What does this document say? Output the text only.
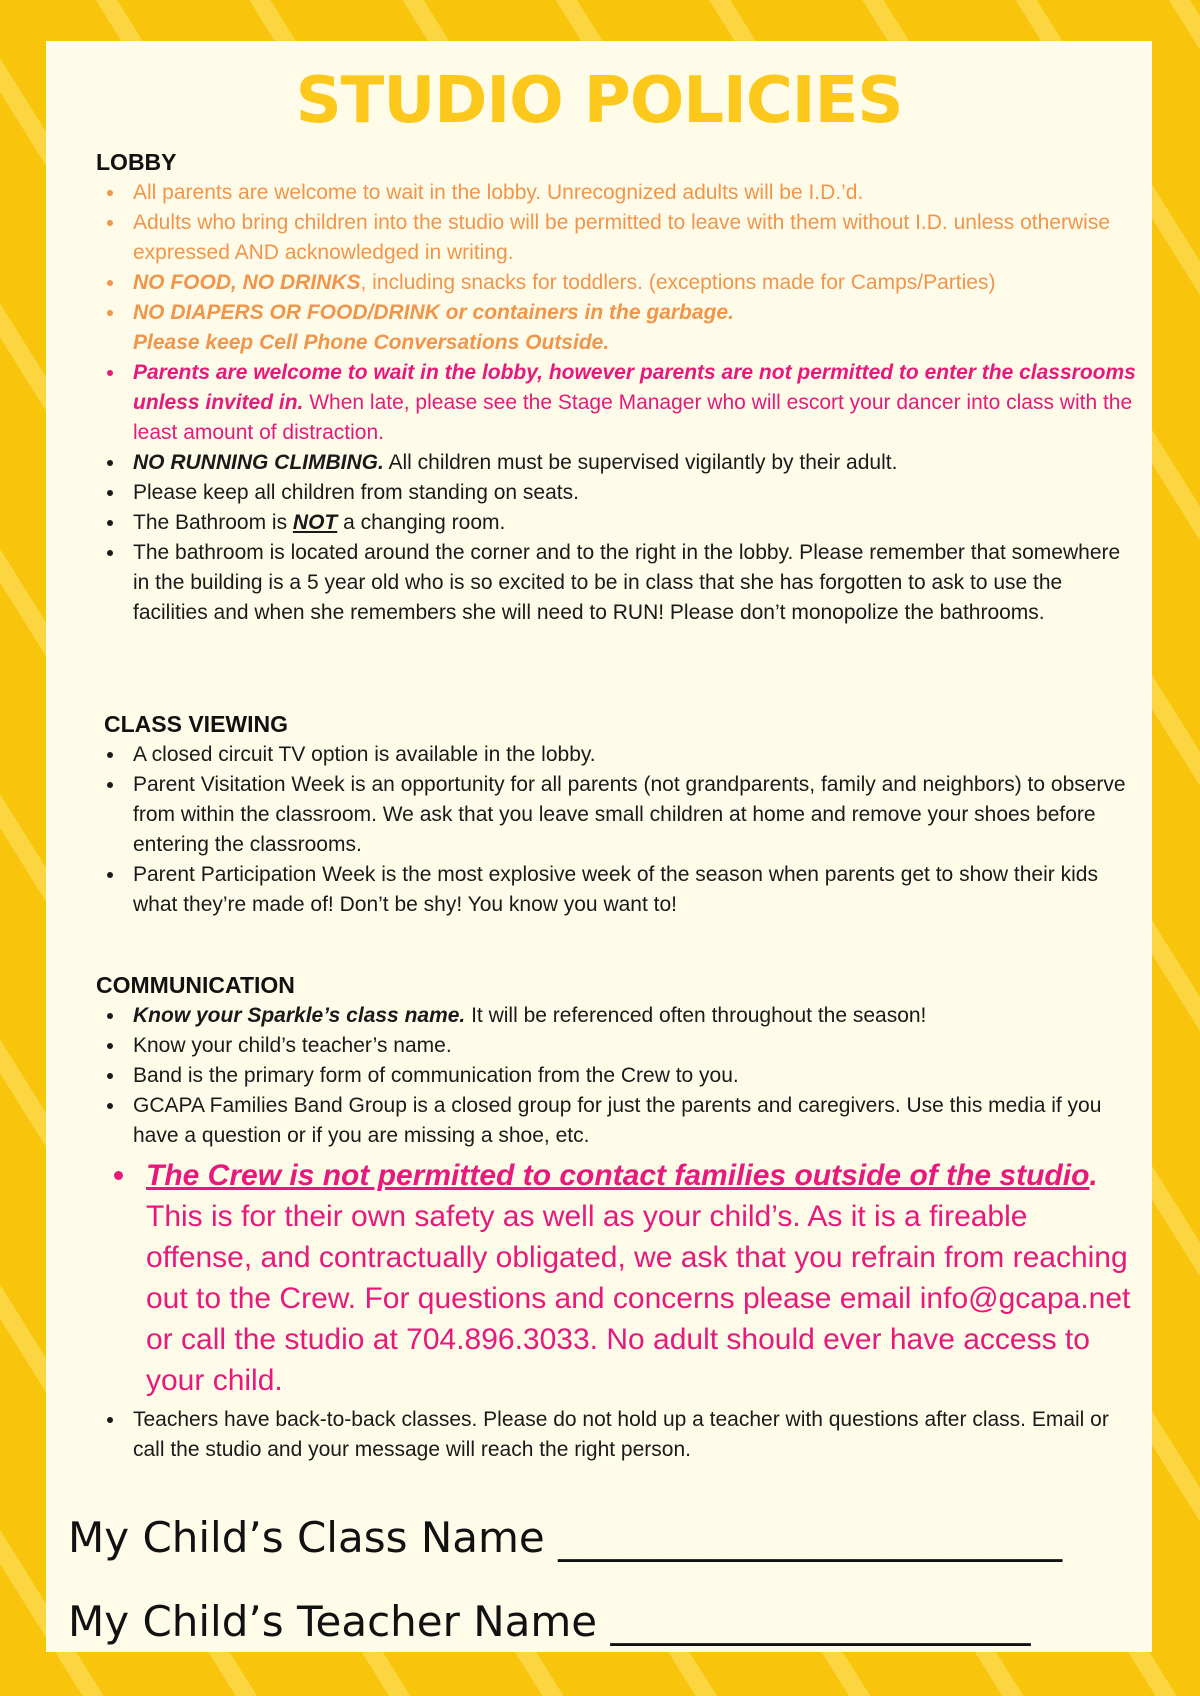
STUDIO POLICIES
LOBBY
All parents are welcome to wait in the lobby. Unrecognized adults will be I.D.’d.
Adults who bring children into the studio will be permitted to leave with them without I.D. unless otherwise expressed AND acknowledged in writing.
NO FOOD, NO DRINKS, including snacks for toddlers. (exceptions made for Camps/Parties)
NO DIAPERS OR FOOD/DRINK or containers in the garbage.
Please keep Cell Phone Conversations Outside.
Parents are welcome to wait in the lobby, however parents are not permitted to enter the classrooms unless invited in. When late, please see the Stage Manager who will escort your dancer into class with the least amount of distraction.
NO RUNNING CLIMBING. All children must be supervised vigilantly by their adult.
Please keep all children from standing on seats.
The Bathroom is NOT a changing room.
The bathroom is located around the corner and to the right in the lobby. Please remember that somewhere in the building is a 5 year old who is so excited to be in class that she has forgotten to ask to use the facilities and when she remembers she will need to RUN! Please don’t monopolize the bathrooms.
CLASS VIEWING
A closed circuit TV option is available in the lobby.
Parent Visitation Week is an opportunity for all parents (not grandparents, family and neighbors) to observe from within the classroom. We ask that you leave small children at home and remove your shoes before entering the classrooms.
Parent Participation Week is the most explosive week of the season when parents get to show their kids what they’re made of! Don’t be shy! You know you want to!
COMMUNICATION
Know your Sparkle’s class name. It will be referenced often throughout the season!
Know your child’s teacher’s name.
Band is the primary form of communication from the Crew to you.
GCAPA Families Band Group is a closed group for just the parents and caregivers. Use this media if you have a question or if you are missing a shoe, etc.
The Crew is not permitted to contact families outside of the studio. This is for their own safety as well as your child’s. As it is a fireable offense, and contractually obligated, we ask that you refrain from reaching out to the Crew. For questions and concerns please email info@gcapa.net or call the studio at 704.896.3033. No adult should ever have access to your child.
Teachers have back-to-back classes. Please do not hold up a teacher with questions after class. Email or call the studio and your message will reach the right person.
My Child’s Class Name ________________________
My Child’s Teacher Name ____________________
